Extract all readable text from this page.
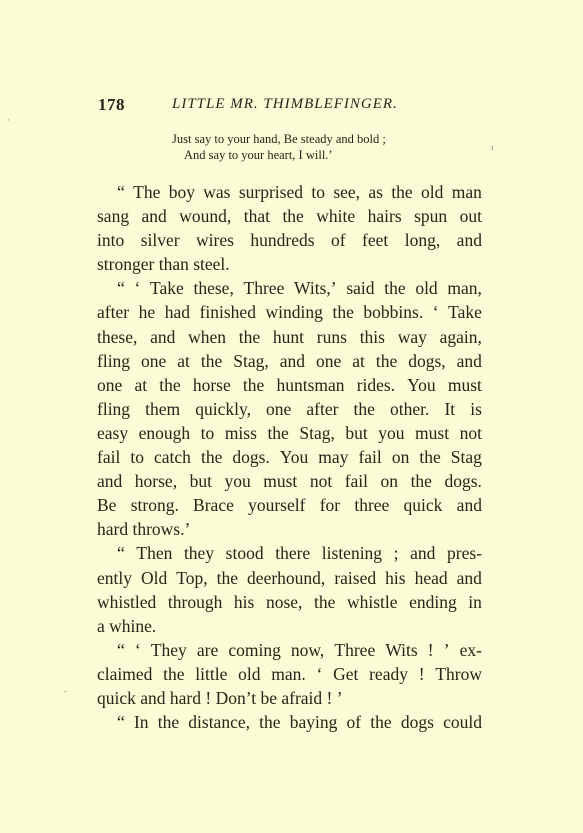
178	LITTLE MR. THIMBLEFINGER.
Just say to your hand, Be steady and bold ;
And say to your heart, I will.’
“ The boy was surprised to see, as the old man
sang and wound, that the white hairs spun out
into silver wires hundreds of feet long, and
stronger than steel.
“ ‘ Take these, Three Wits,’ said the old man,
after he had finished winding the bobbins. ‘ Take
these, and when the hunt runs this way again,
fling one at the Stag, and one at the dogs, and
one at the horse the huntsman rides. You must
fling them quickly, one after the other. It is
easy enough to miss the Stag, but you must not
fail to catch the dogs. You may fail on the Stag
and horse, but you must not fail on the dogs.
Be strong. Brace yourself for three quick and
hard throws.’
“ Then they stood there listening ; and pres-
ently Old Top, the deerhound, raised his head and
whistled through his nose, the whistle ending in
a whine.
“ ‘ They are coming now, Three Wits ! ’ ex-
claimed the little old man. ‘ Get ready ! Throw
quick and hard ! Don’t be afraid ! ’
“ In the distance, the baying of the dogs could
ı
-
·
